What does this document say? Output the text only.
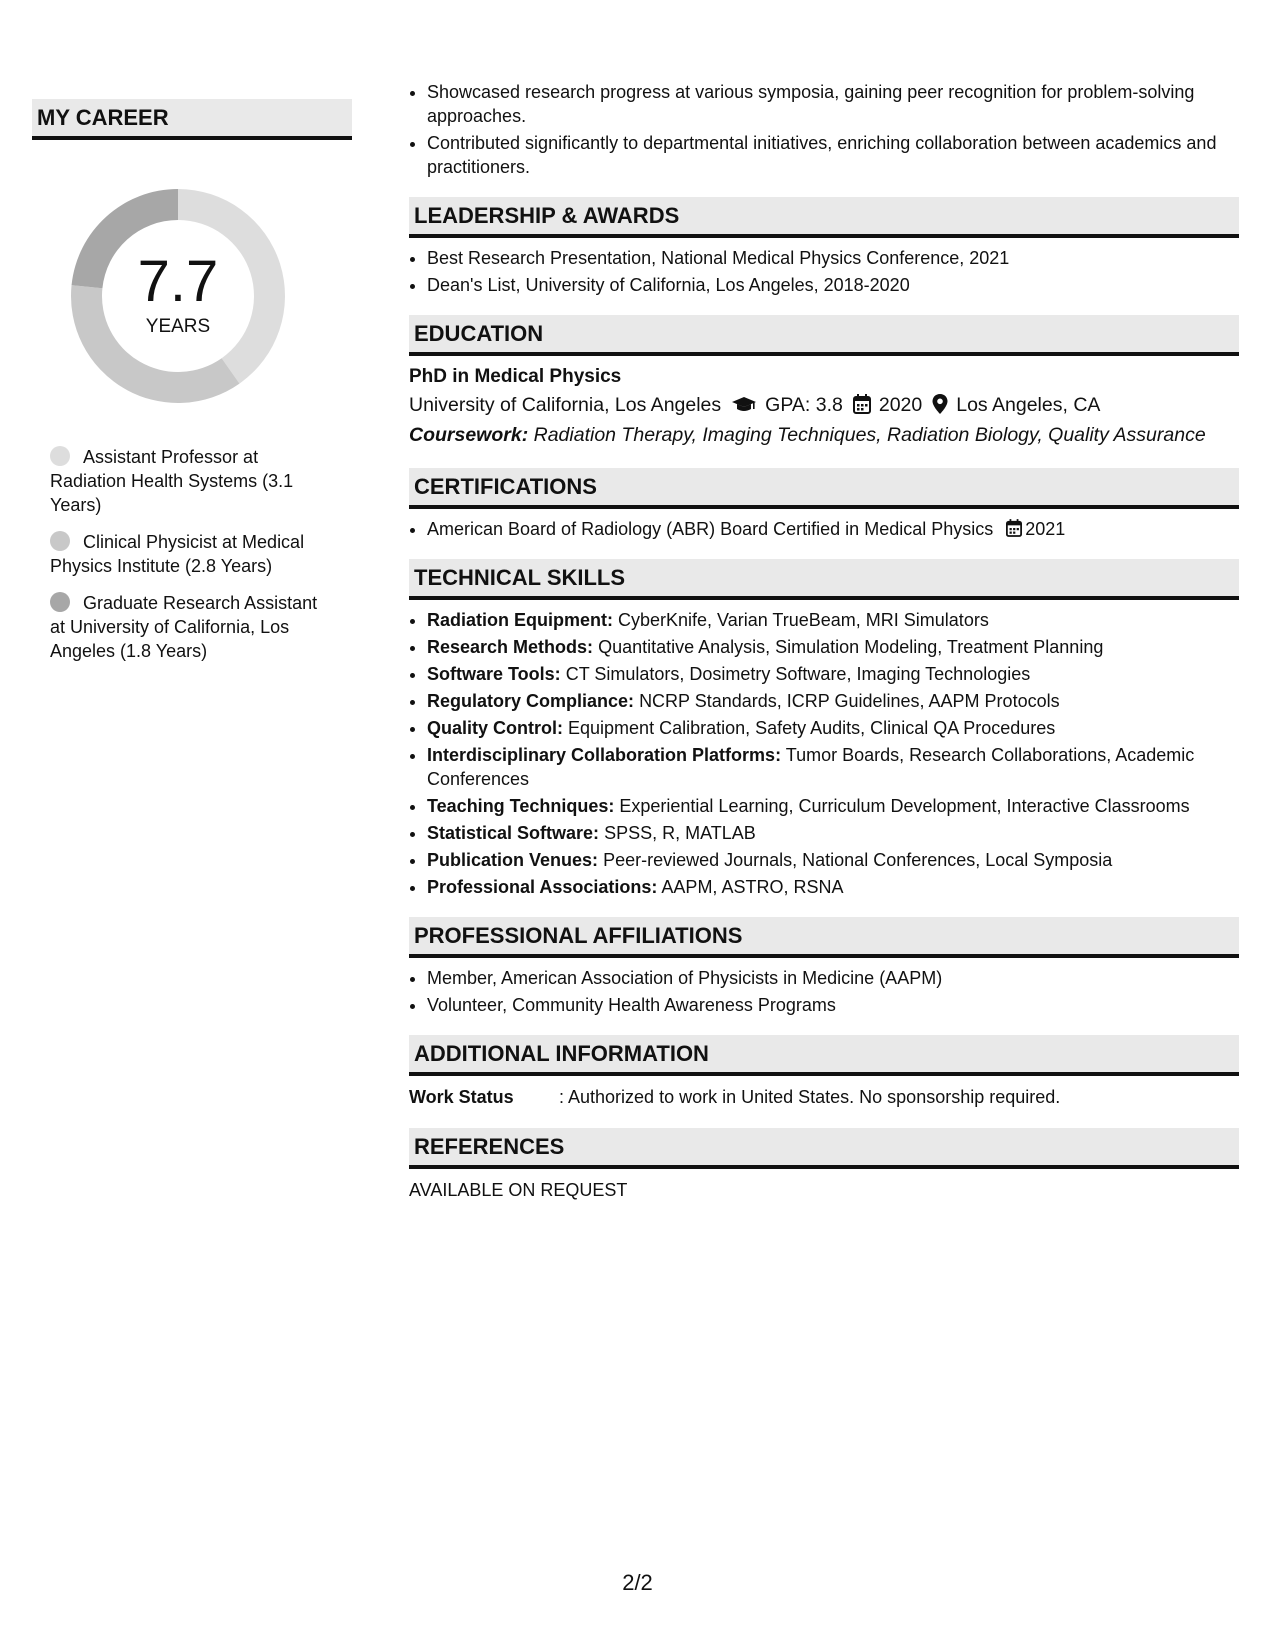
MY CAREER
7.7
YEARS
Assistant Professor at Radiation Health Systems (3.1 Years)
Clinical Physicist at Medical Physics Institute (2.8 Years)
Graduate Research Assistant at University of California, Los Angeles (1.8 Years)
• Showcased research progress at various symposia, gaining peer recognition for problem-solving approaches.
• Contributed significantly to departmental initiatives, enriching collaboration between academics and practitioners.
LEADERSHIP & AWARDS
• Best Research Presentation, National Medical Physics Conference, 2021
• Dean's List, University of California, Los Angeles, 2018-2020
EDUCATION
PhD in Medical Physics
University of California, Los Angeles GPA: 3.8 2020 Los Angeles, CA
Coursework: Radiation Therapy, Imaging Techniques, Radiation Biology, Quality Assurance
CERTIFICATIONS
• American Board of Radiology (ABR) Board Certified in Medical Physics 2021
TECHNICAL SKILLS
• Radiation Equipment: CyberKnife, Varian TrueBeam, MRI Simulators
• Research Methods: Quantitative Analysis, Simulation Modeling, Treatment Planning
• Software Tools: CT Simulators, Dosimetry Software, Imaging Technologies
• Regulatory Compliance: NCRP Standards, ICRP Guidelines, AAPM Protocols
• Quality Control: Equipment Calibration, Safety Audits, Clinical QA Procedures
• Interdisciplinary Collaboration Platforms: Tumor Boards, Research Collaborations, Academic Conferences
• Teaching Techniques: Experiential Learning, Curriculum Development, Interactive Classrooms
• Statistical Software: SPSS, R, MATLAB
• Publication Venues: Peer-reviewed Journals, National Conferences, Local Symposia
• Professional Associations: AAPM, ASTRO, RSNA
PROFESSIONAL AFFILIATIONS
• Member, American Association of Physicists in Medicine (AAPM)
• Volunteer, Community Health Awareness Programs
ADDITIONAL INFORMATION
Work Status	: Authorized to work in United States. No sponsorship required.
REFERENCES
AVAILABLE ON REQUEST
2/2
